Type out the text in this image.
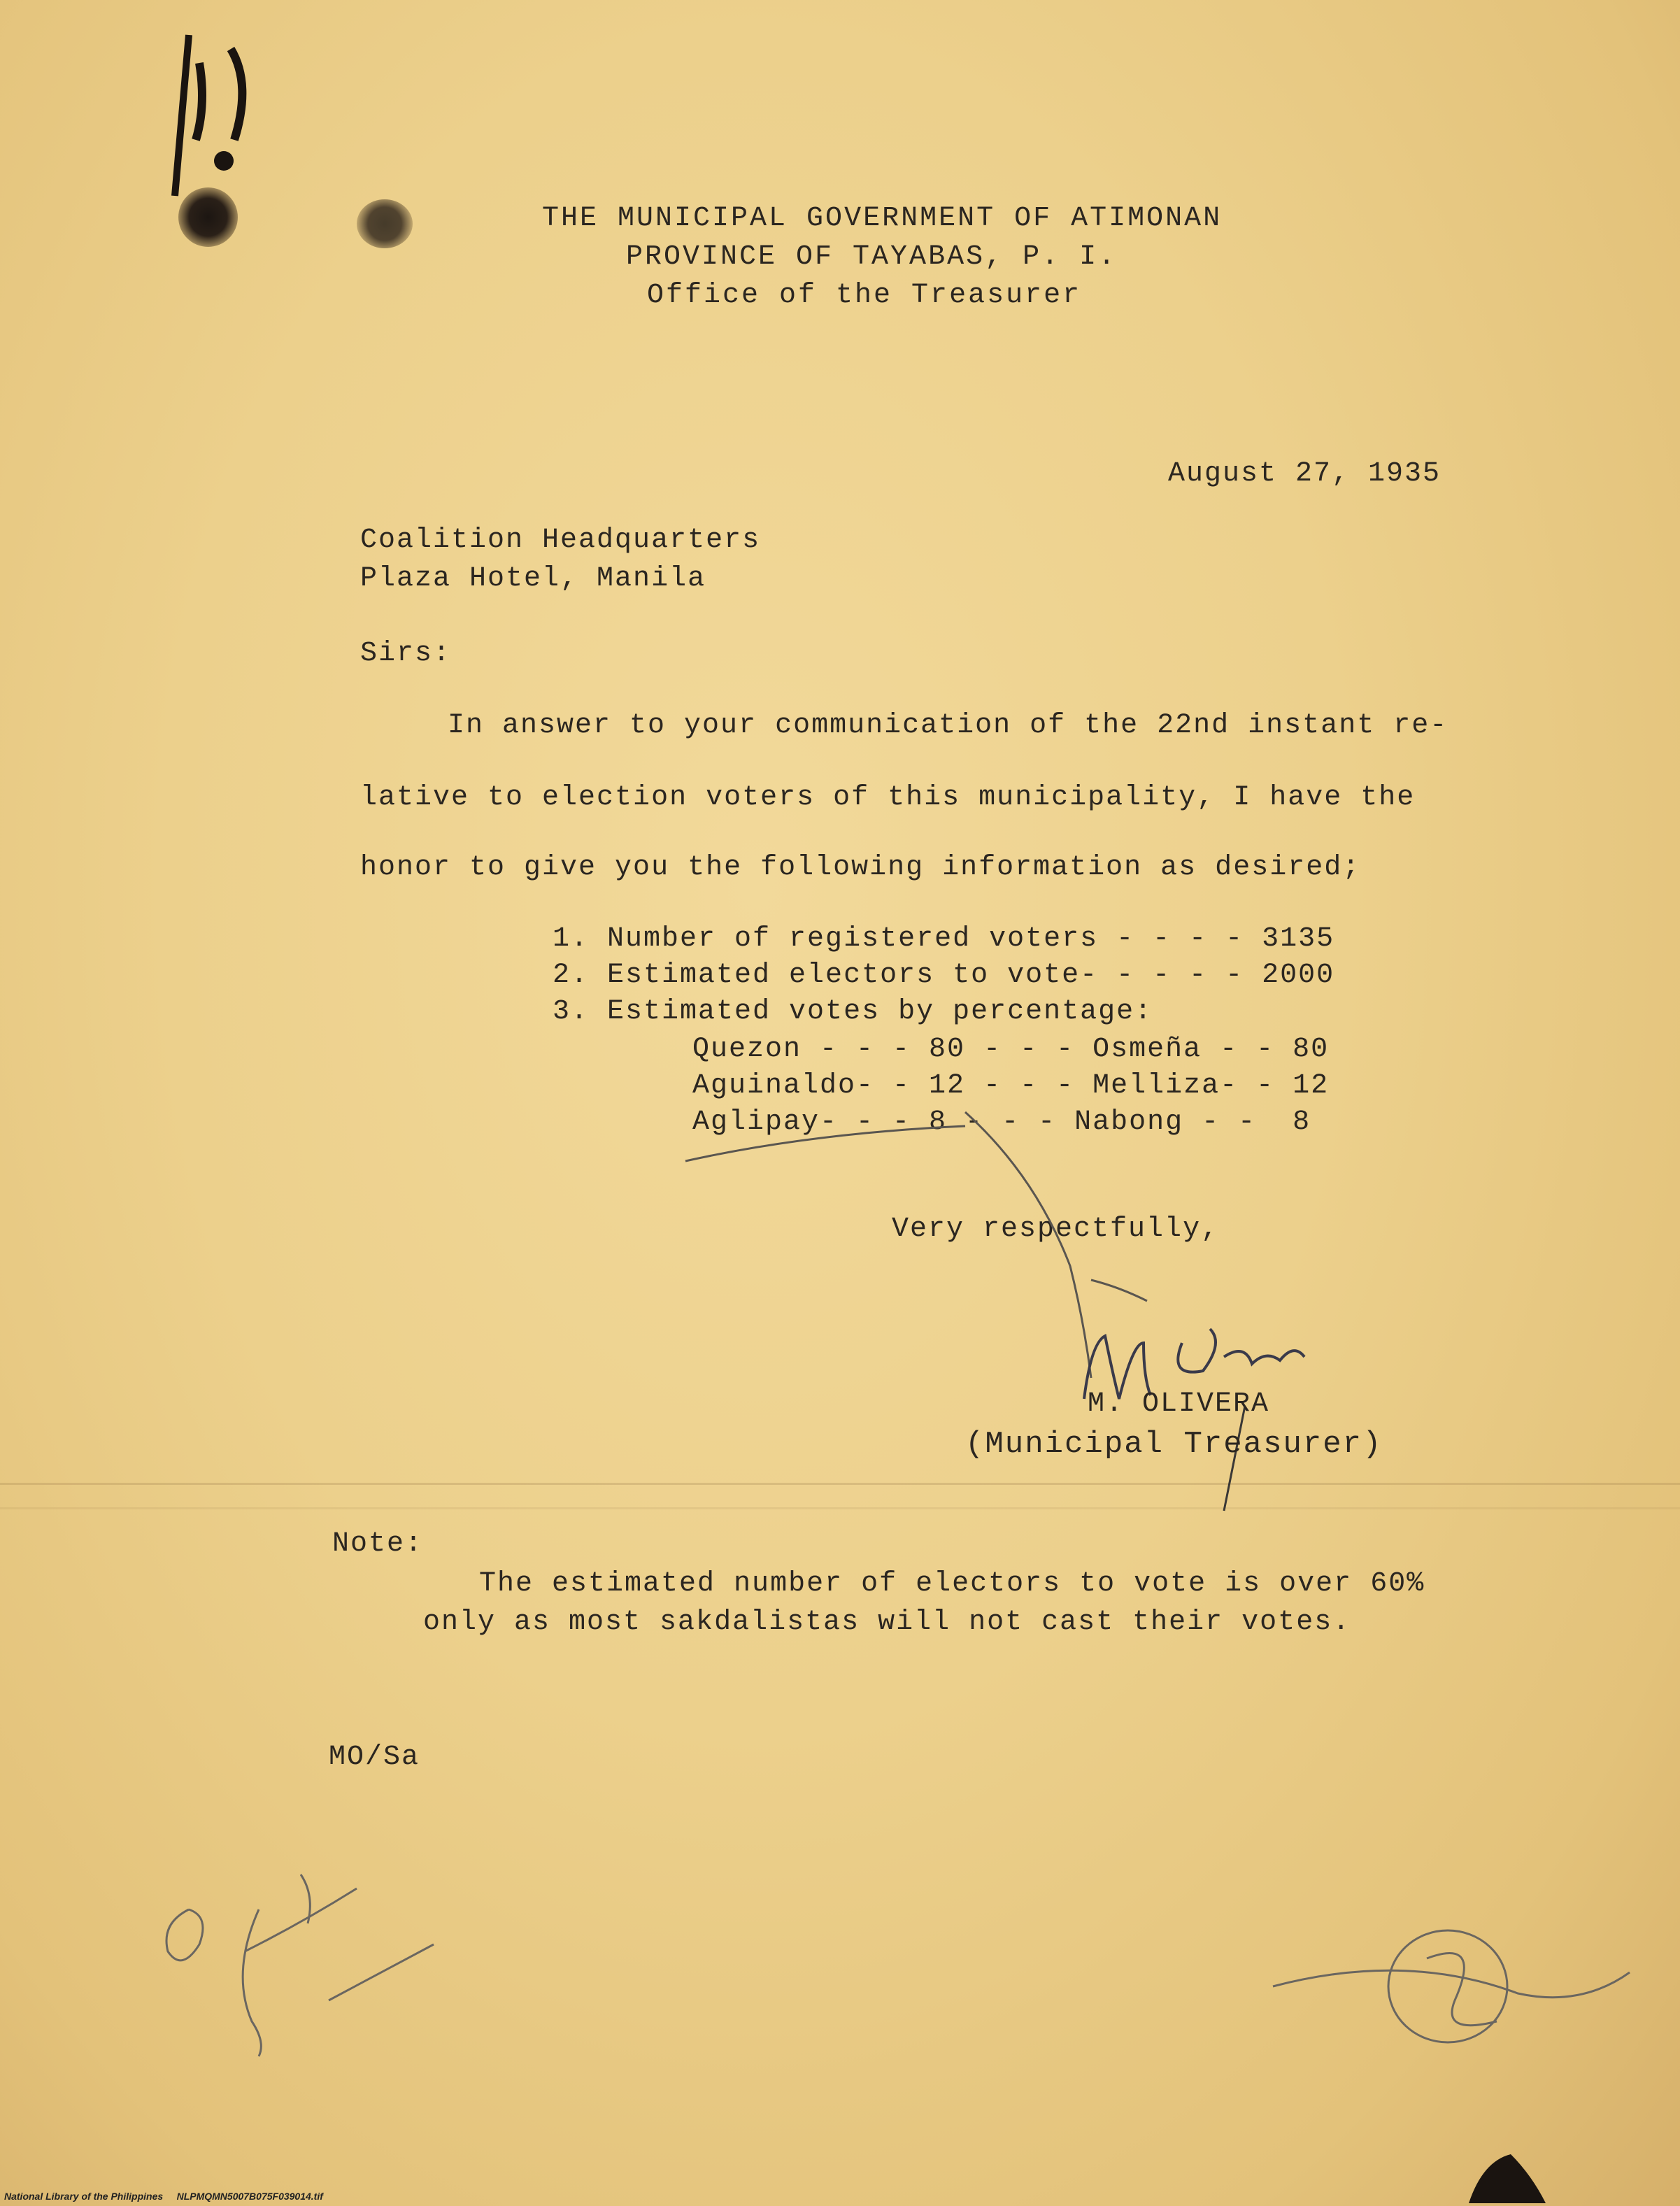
THE MUNICIPAL GOVERNMENT OF ATIMONAN
PROVINCE OF TAYABAS, P. I.
Office of the Treasurer
August 27, 1935
Coalition Headquarters
Plaza Hotel, Manila
Sirs:
In answer to your communication of the 22nd instant re-
lative to election voters of this municipality, I have the
honor to give you the following information as desired;
1. Number of registered voters - - - - 3135
2. Estimated electors to vote- - - - - 2000
3. Estimated votes by percentage:
Quezon - - - 80 - - - Osmeña - - 80
Aguinaldo- - 12 - - - Melliza- - 12
Aglipay- - - 8 - - - Nabong - -  8
Very respectfully,
M. OLIVERA
(Municipal Treasurer)
Note:
The estimated number of electors to vote is over 60%
only as most sakdalistas will not cast their votes.
MO/Sa
National Library of the Philippines     NLPMQMN5007B075F039014.tif
